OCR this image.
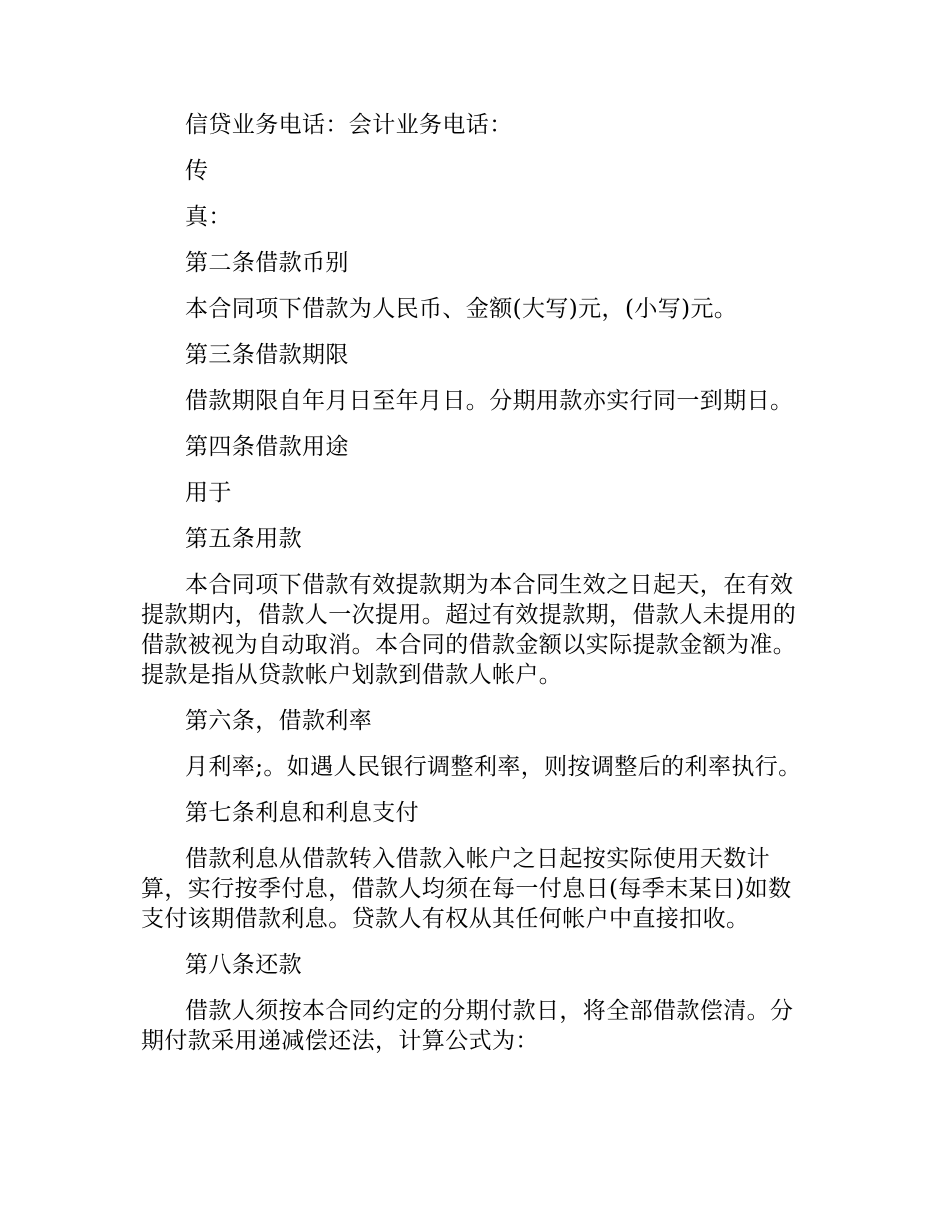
信贷业务电话：会计业务电话：

传

真：

第二条借款币别

本合同项下借款为人民币、金额(大写)元，(小写)元。

第三条借款期限

借款期限自年月日至年月日。分期用款亦实行同一到期日。

第四条借款用途

用于

第五条用款

本合同项下借款有效提款期为本合同生效之日起天，在有效提款期内，借款人一次提用。超过有效提款期，借款人未提用的借款被视为自动取消。本合同的借款金额以实际提款金额为准。提款是指从贷款帐户划款到借款人帐户。

第六条，借款利率

月利率;。如遇人民银行调整利率，则按调整后的利率执行。

第七条利息和利息支付

借款利息从借款转入借款入帐户之日起按实际使用天数计算，实行按季付息，借款人均须在每一付息日(每季末某日)如数支付该期借款利息。贷款人有权从其任何帐户中直接扣收。

第八条还款

借款人须按本合同约定的分期付款日，将全部借款偿清。分期付款采用递减偿还法，计算公式为：
